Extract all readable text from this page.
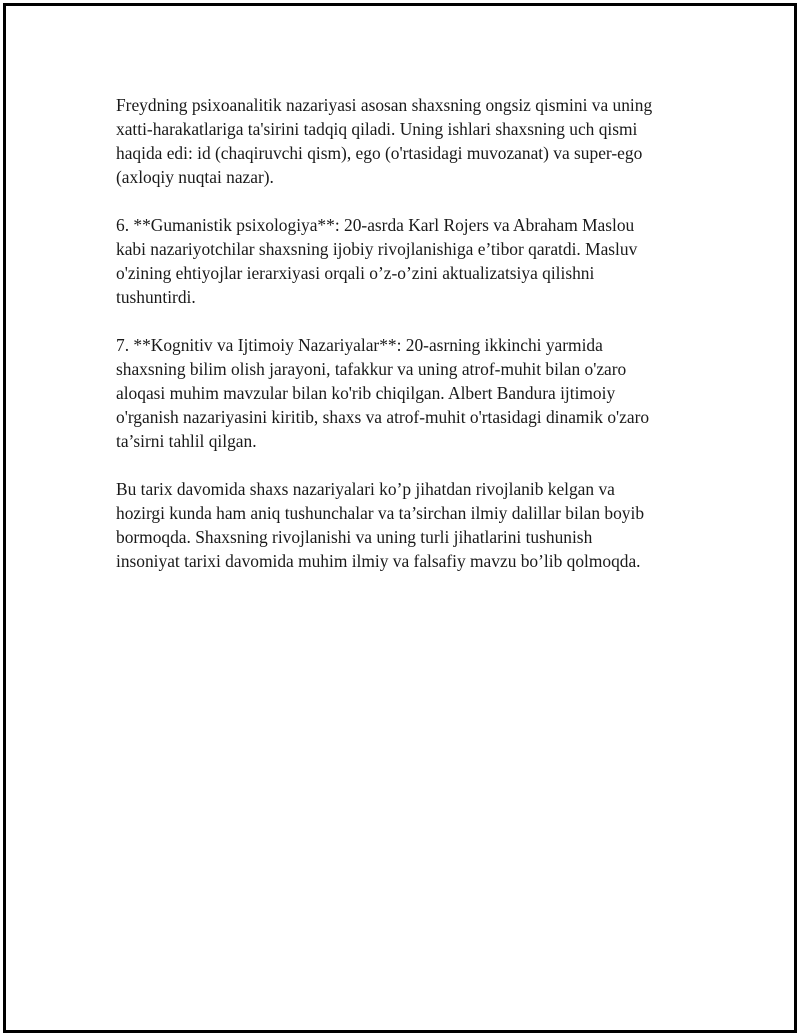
Freydning psixoanalitik nazariyasi asosan shaxsning ongsiz qismini va uning
xatti-harakatlariga ta'sirini tadqiq qiladi. Uning ishlari shaxsning uch qismi
haqida edi: id (chaqiruvchi qism), ego (o'rtasidagi muvozanat) va super-ego
(axloqiy nuqtai nazar).

6. **Gumanistik psixologiya**: 20-asrda Karl Rojers va Abraham Maslou
kabi nazariyotchilar shaxsning ijobiy rivojlanishiga e’tibor qaratdi. Masluv
o'zining ehtiyojlar ierarxiyasi orqali o’z-o’zini aktualizatsiya qilishni
tushuntirdi.

7. **Kognitiv va Ijtimoiy Nazariyalar**: 20-asrning ikkinchi yarmida
shaxsning bilim olish jarayoni, tafakkur va uning atrof-muhit bilan o'zaro
aloqasi muhim mavzular bilan ko'rib chiqilgan. Albert Bandura ijtimoiy
o'rganish nazariyasini kiritib, shaxs va atrof-muhit o'rtasidagi dinamik o'zaro
ta’sirni tahlil qilgan.

Bu tarix davomida shaxs nazariyalari ko’p jihatdan rivojlanib kelgan va
hozirgi kunda ham aniq tushunchalar va ta’sirchan ilmiy dalillar bilan boyib
bormoqda. Shaxsning rivojlanishi va uning turli jihatlarini tushunish
insoniyat tarixi davomida muhim ilmiy va falsafiy mavzu bo’lib qolmoqda.
